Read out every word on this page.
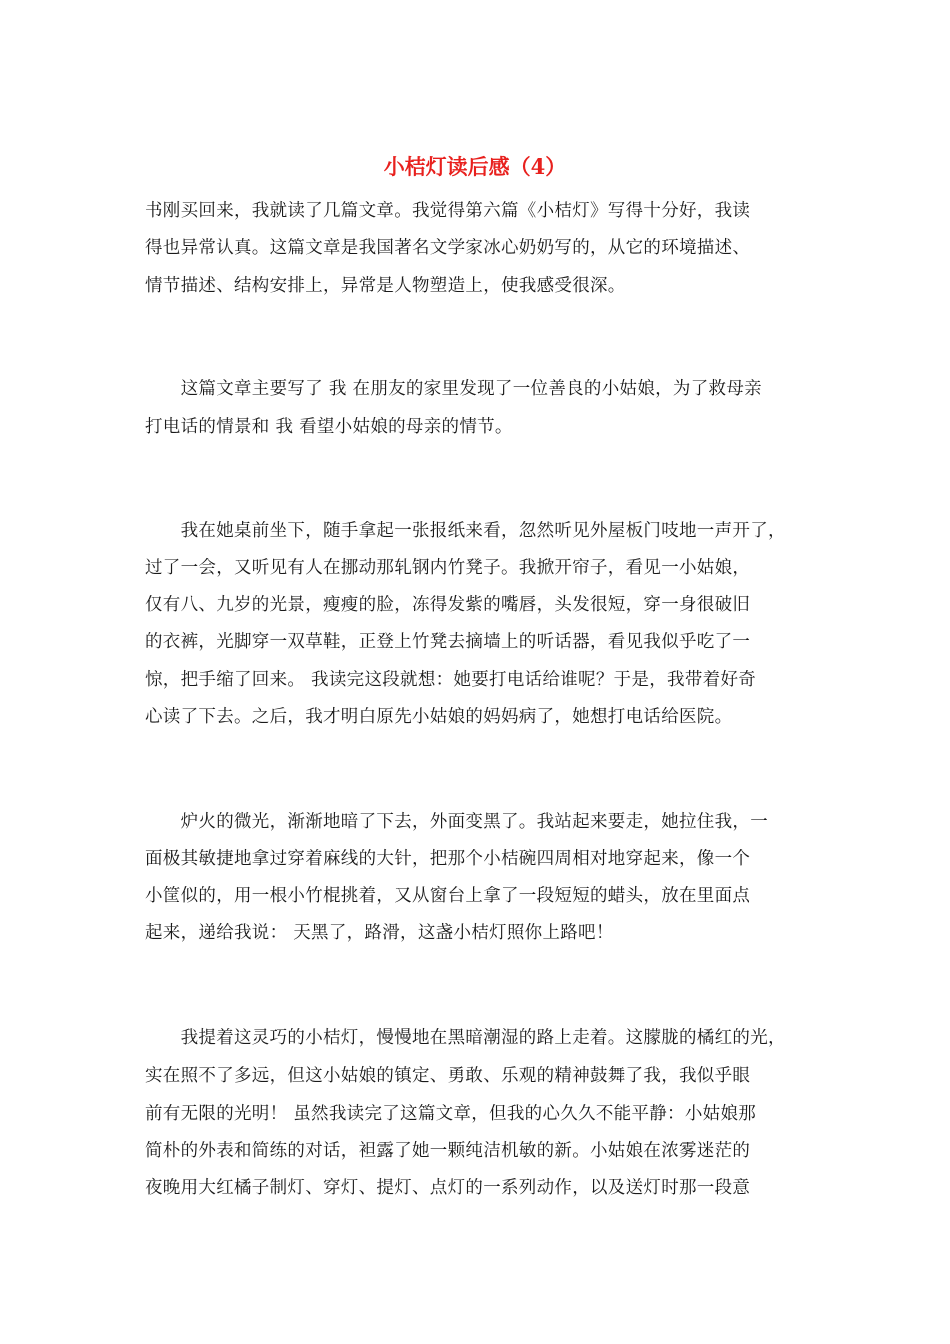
小桔灯读后感（4）
书刚买回来，我就读了几篇文章。我觉得第六篇《小桔灯》写得十分好，我读
得也异常认真。这篇文章是我国著名文学家冰心奶奶写的，从它的环境描述、
情节描述、结构安排上，异常是人物塑造上，使我感受很深。
　　这篇文章主要写了 我 在朋友的家里发现了一位善良的小姑娘，为了救母亲
打电话的情景和 我 看望小姑娘的母亲的情节。
　　我在她桌前坐下，随手拿起一张报纸来看，忽然听见外屋板门吱地一声开了，
过了一会，又听见有人在挪动那轧钢内竹凳子。我掀开帘子，看见一小姑娘，
仅有八、九岁的光景，瘦瘦的脸，冻得发紫的嘴唇，头发很短，穿一身很破旧
的衣裤，光脚穿一双草鞋，正登上竹凳去摘墙上的听话器，看见我似乎吃了一
惊，把手缩了回来。 我读完这段就想：她要打电话给谁呢？于是，我带着好奇
心读了下去。之后，我才明白原先小姑娘的妈妈病了，她想打电话给医院。
　　炉火的微光，渐渐地暗了下去，外面变黑了。我站起来要走，她拉住我，一
面极其敏捷地拿过穿着麻线的大针，把那个小桔碗四周相对地穿起来，像一个
小筐似的，用一根小竹棍挑着，又从窗台上拿了一段短短的蜡头，放在里面点
起来，递给我说： 天黑了，路滑，这盏小桔灯照你上路吧！
　　我提着这灵巧的小桔灯，慢慢地在黑暗潮湿的路上走着。这朦胧的橘红的光，
实在照不了多远，但这小姑娘的镇定、勇敢、乐观的精神鼓舞了我，我似乎眼
前有无限的光明！ 虽然我读完了这篇文章，但我的心久久不能平静：小姑娘那
简朴的外表和简练的对话，袒露了她一颗纯洁机敏的新。小姑娘在浓雾迷茫的
夜晚用大红橘子制灯、穿灯、提灯、点灯的一系列动作，以及送灯时那一段意
